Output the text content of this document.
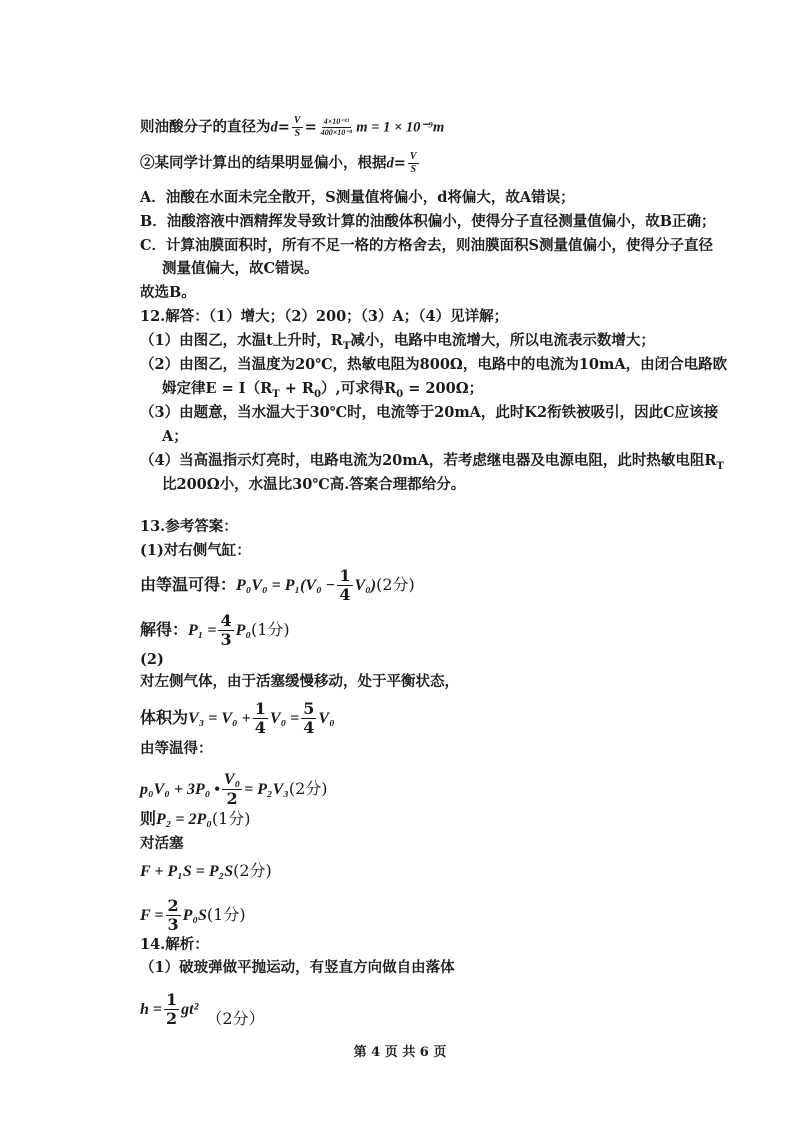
则油酸分子的直径为$d= \frac{V}{S} = \frac{\text{4×10⁻¹¹}}{\text{400×10⁻⁴}}$ m = 1 × 10⁻⁹m
②某同学计算出的结果明显偏小，根据$d= \frac{V}{S}$
A．油酸在水面未完全散开，S测量值将偏小，d将偏大，故A错误；
B．油酸溶液中酒精挥发导致计算的油酸体积偏小，使得分子直径测量值偏小，故B正确；
C．计算油膜面积时，所有不足一格的方格舍去，则油膜面积S测量值偏小，使得分子直径
测量值偏大，故C错误。
故选B。
12.解答：（1）增大；（2）200；（3）A；（4）见详解；
（1）由图乙，水温t上升时，$R_T$减小，电路中电流增大，所以电流表示数增大；
（2）由图乙，当温度为20℃，热敏电阻为800Ω，电路中的电流为10mA，由闭合电路欧
姆定律$E = I(R_T + R_0)$,可求得$R_0 = 200\Omega$；
（3）由题意，当水温大于30℃时，电流等于20mA，此时K2衔铁被吸引，因此C应该接
A；
（4）当高温指示灯亮时，电路电流为20mA，若考虑继电器及电源电阻，此时热敏电阻$R_T$
比200Ω小，水温比30℃高.答案合理都给分。
13.参考答案：
(1)对右侧气缸：
由等温可得：$P_0V_0 = P_1(V_0 - \frac{1}{4} V_0)(2$分)
解得：$P_1 = \frac{4}{3} P_0(1$分)
(2)
对左侧气体，由于活塞缓慢移动，处于平衡状态，
体积为$V_3 = V_0 + \frac{1}{4} V_0 = \frac{5}{4} V_0$
由等温得：
p₀V₀ + 3P₀ • $\frac{\text{V₀}}{2} = P_2V_3(2$分)
则P₂ = 2P₀(1分)
对活塞
F + P₁S = P₂S(2分)
$F = \frac{2}{3} P_0S(1$分)
14.解析：
（1）破玻弹做平抛运动，有竖直方向做自由落体
$h = \frac{1}{2} gt^2$ （2分）
第 4 页 共 6 页
